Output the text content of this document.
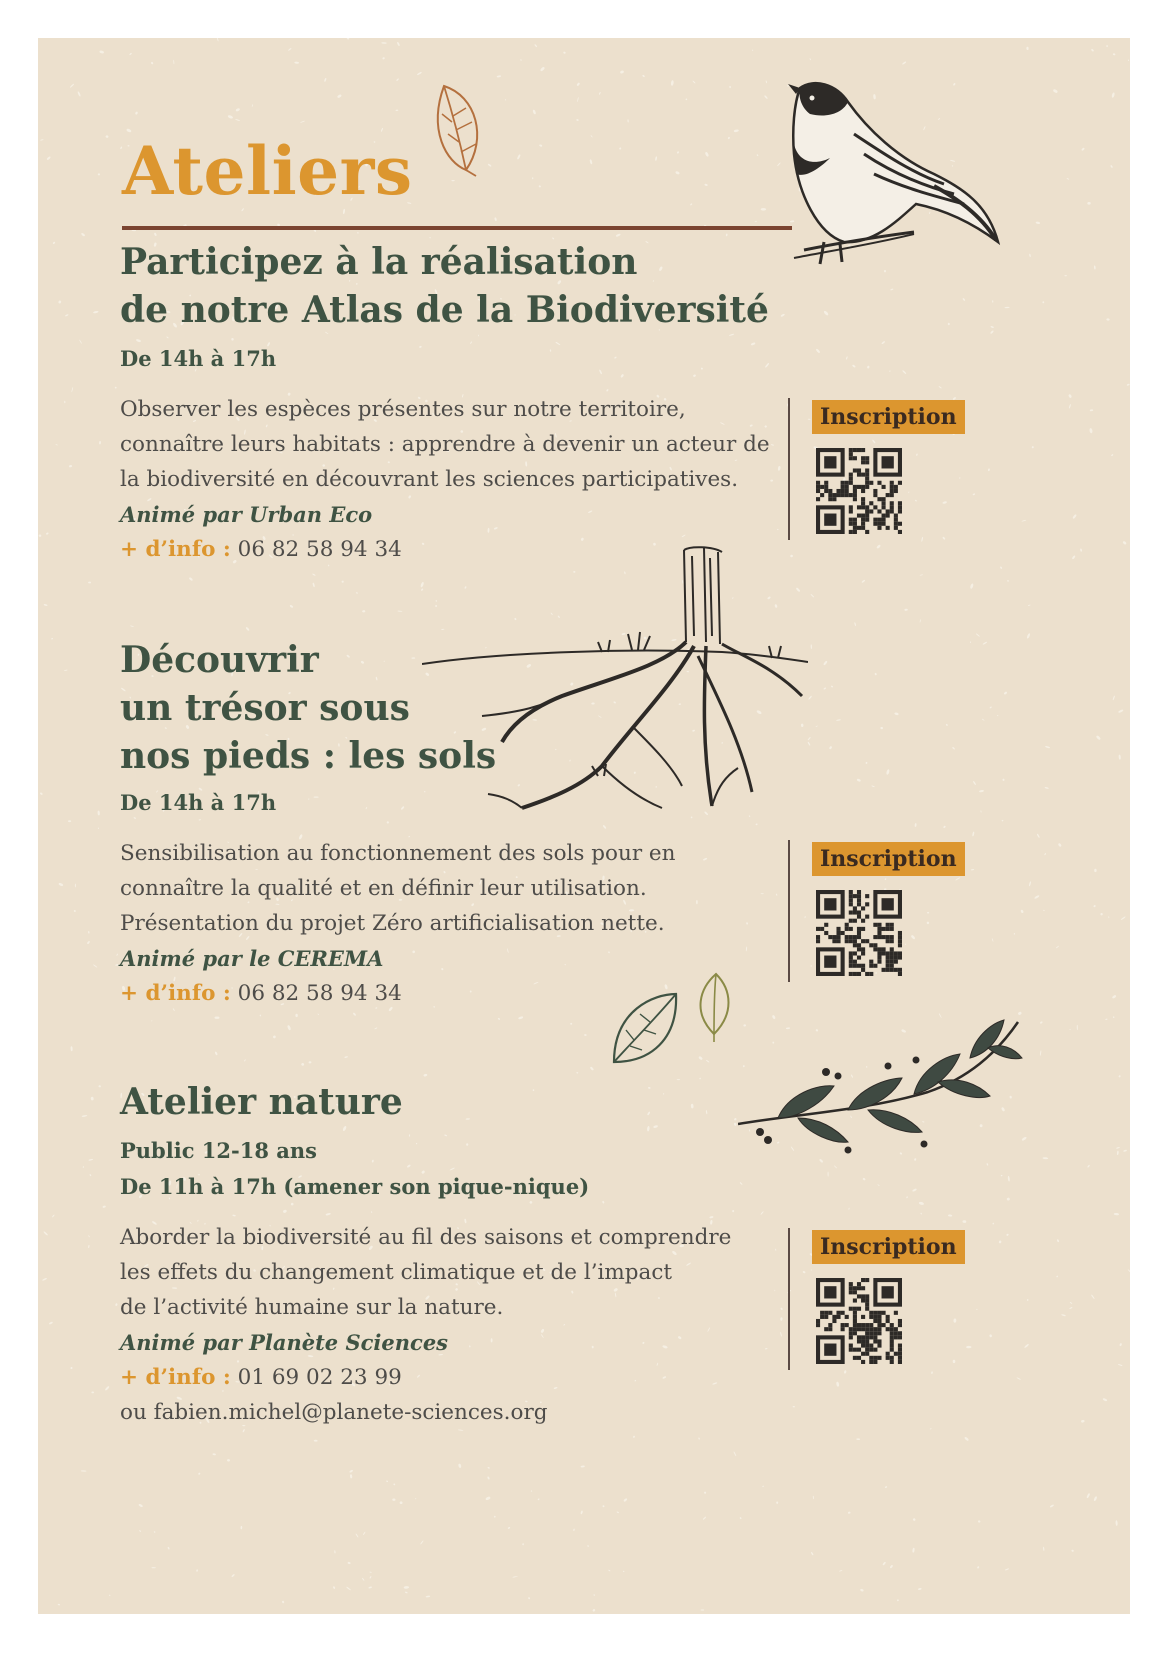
Ateliers
Participez à la réalisation
de notre Atlas de la Biodiversité
De 14h à 17h
Observer les espèces présentes sur notre territoire,
connaître leurs habitats : apprendre à devenir un acteur de
la biodiversité en découvrant les sciences participatives.
Animé par Urban Eco
+ d’info : 06 82 58 94 34
Inscription
Découvrir
un trésor sous
nos pieds : les sols
De 14h à 17h
Sensibilisation au fonctionnement des sols pour en
connaître la qualité et en définir leur utilisation.
Présentation du projet Zéro artificialisation nette.
Animé par le CEREMA
+ d’info : 06 82 58 94 34
Inscription
Atelier nature
Public 12-18 ans
De 11h à 17h (amener son pique-nique)
Aborder la biodiversité au fil des saisons et comprendre
les effets du changement climatique et de l’impact
de l’activité humaine sur la nature.
Animé par Planète Sciences
+ d’info : 01 69 02 23 99
ou fabien.michel@planete-sciences.org
Inscription
